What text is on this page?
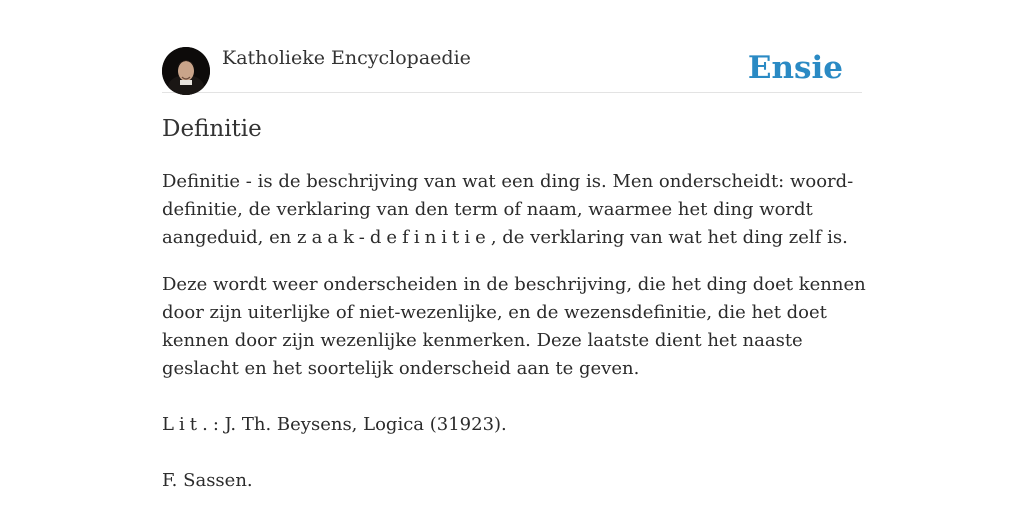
Katholieke Encyclopaedie	Ensie
Definitie

Definitie - is de beschrijving van wat een ding is. Men onderscheidt: woord-definitie, de verklaring van den term of naam, waarmee het ding wordt aangeduid, en zaak-definitie, de verklaring van wat het ding zelf is.

Deze wordt weer onderscheiden in de beschrijving, die het ding doet kennen door zijn uiterlijke of niet-wezenlijke, en de wezensdefinitie, die het doet kennen door zijn wezenlijke kenmerken. Deze laatste dient het naaste geslacht en het soortelijk onderscheid aan te geven.

Lit.: J. Th. Beysens, Logica (31923).

F. Sassen.
